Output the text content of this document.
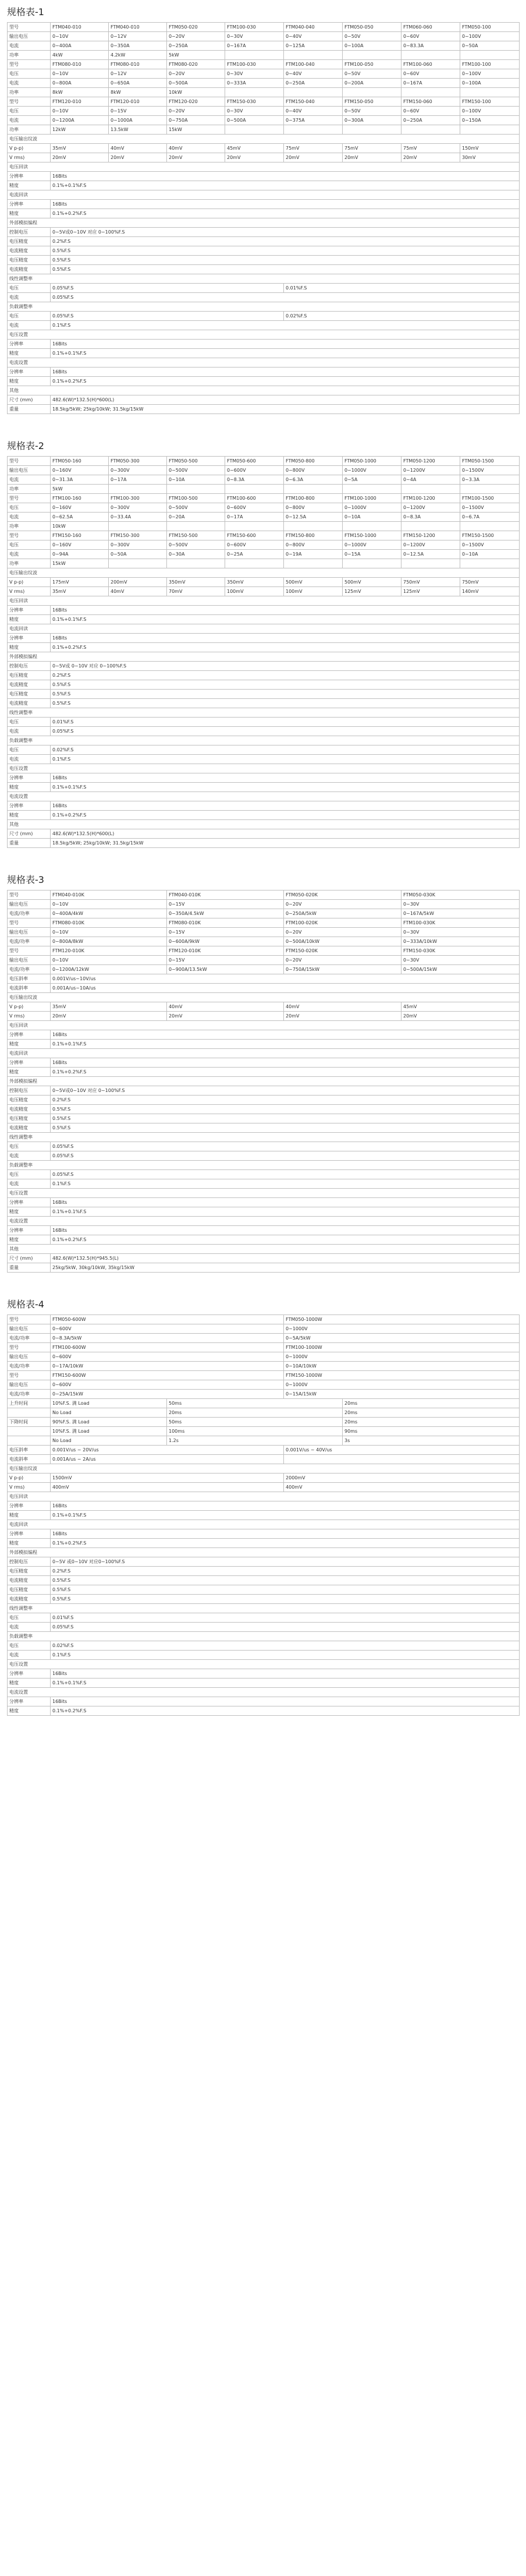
规格表-1
型号	FTM040-010	FTM040-010	FTM050-020	FTM100-030	FTM040-040	FTM050-050	FTM060-060	FTM050-100
输出电压	0~10V	0~12V	0~20V	0~30V	0~40V	0~50V	0~60V	0~100V
电流	0~400A	0~350A	0~250A	0~167A	0~125A	0~100A	0~83.3A	0~50A
功率	4kW	4.2kW	5kW					
型号	FTM080-010	FTM080-010	FTM080-020	FTM100-030	FTM100-040	FTM100-050	FTM100-060	FTM100-100
电压	0~10V	0~12V	0~20V	0~30V	0~40V	0~50V	0~60V	0~100V
电流	0~800A	0~650A	0~500A	0~333A	0~250A	0~200A	0~167A	0~100A
功率	8kW	8kW	10kW					
型号	FTM120-010	FTM120-010	FTM120-020	FTM150-030	FTM150-040	FTM150-050	FTM150-060	FTM150-100
电压	0~10V	0~15V	0~20V	0~30V	0~40V	0~50V	0~60V	0~100V
电流	0~1200A	0~1000A	0~750A	0~500A	0~375A	0~300A	0~250A	0~150A
功率	12kW	13.5kW	15kW					
电压输出纹波								
V p-p)	35mV	40mV	40mV	45mV	75mV	75mV	75mV	150mV
V rms)	20mV	20mV	20mV	20mV	20mV	20mV	20mV	30mV
电压回读								
分辨率	16Bits							
精度	0.1%+0.1%F.S							
电流回读								
分辨率	16Bits							
精度	0.1%+0.2%F.S							
外部模拟编程								
控制电压	0~5V或0~10V 对应 0~100%F.S							
电压精度	0.2%F.S							
电流精度	0.5%F.S							
电压精度	0.5%F.S							
电流精度	0.5%F.S							
线性调整率								
电压	0.05%F.S				0.01%F.S			
电流	0.05%F.S							
负载调整率								
电压	0.05%F.S				0.02%F.S			
电流	0.1%F.S							
电压设置								
分辨率	16Bits							
精度	0.1%+0.1%F.S							
电流设置								
分辨率	16Bits							
精度	0.1%+0.2%F.S							
其他								
尺寸 (mm)	482.6(W)*132.5(H)*600(L)							
重量	18.5kg/5kW; 25kg/10kW; 31.5kg/15kW							
规格表-2
型号	FTM050-160	FTM050-300	FTM050-500	FTM050-600	FTM050-800	FTM050-1000	FTM050-1200	FTM050-1500
输出电压	0~160V	0~300V	0~500V	0~600V	0~800V	0~1000V	0~1200V	0~1500V
电流	0~31.3A	0~17A	0~10A	0~8.3A	0~6.3A	0~5A	0~4A	0~3.3A
功率	5kW							
型号	FTM100-160	FTM100-300	FTM100-500	FTM100-600	FTM100-800	FTM100-1000	FTM100-1200	FTM100-1500
电压	0~160V	0~300V	0~500V	0~600V	0~800V	0~1000V	0~1200V	0~1500V
电流	0~62.5A	0~33.4A	0~20A	0~17A	0~12.5A	0~10A	0~8.3A	0~6.7A
功率	10kW							
型号	FTM150-160	FTM150-300	FTM150-500	FTM150-600	FTM150-800	FTM150-1000	FTM150-1200	FTM150-1500
电压	0~160V	0~300V	0~500V	0~600V	0~800V	0~1000V	0~1200V	0~1500V
电流	0~94A	0~50A	0~30A	0~25A	0~19A	0~15A	0~12.5A	0~10A
功率	15kW							
电压输出纹波								
V p-p)	175mV	200mV	350mV	350mV	500mV	500mV	750mV	750mV
V rms)	35mV	40mV	70mV	100mV	100mV	125mV	125mV	140mV
电压回读								
分辨率	16Bits							
精度	0.1%+0.1%F.S							
电流回读								
分辨率	16Bits							
精度	0.1%+0.2%F.S							
外部模拟编程								
控制电压	0~5V或 0~10V 对应 0~100%F.S							
电压精度	0.2%F.S							
电流精度	0.5%F.S							
电压精度	0.5%F.S							
电流精度	0.5%F.S							
线性调整率								
电压	0.01%F.S							
电流	0.05%F.S							
负载调整率								
电压	0.02%F.S							
电流	0.1%F.S							
电压设置								
分辨率	16Bits							
精度	0.1%+0.1%F.S							
电流设置								
分辨率	16Bits							
精度	0.1%+0.2%F.S							
其他								
尺寸 (mm)	482.6(W)*132.5(H)*600(L)							
重量	18.5kg/5kW; 25kg/10kW; 31.5kg/15kW							
规格表-3
型号	FTM040-010K	FTM040-010K	FTM050-020K	FTM050-030K
输出电压	0~10V	0~15V	0~20V	0~30V
电流/功率	0~400A/4kW	0~350A/4.5kW	0~250A/5kW	0~167A/5kW
型号	FTM080-010K	FTM080-010K	FTM100-020K	FTM100-030K
输出电压	0~10V	0~15V	0~20V	0~30V
电流/功率	0~800A/8kW	0~600A/9kW	0~500A/10kW	0~333A/10kW
型号	FTM120-010K	FTM120-010K	FTM150-020K	FTM150-030K
输出电压	0~10V	0~15V	0~20V	0~30V
电流/功率	0~1200A/12kW	0~900A/13.5kW	0~750A/15kW	0~500A/15kW
电压斜率	0.001V/us~10V/us			
电流斜率	0.001A/us~10A/us			
电压输出纹波				
V p-p)	35mV	40mV	40mV	45mV
V rms)	20mV	20mV	20mV	20mV
电压回读				
分辨率	16Bits			
精度	0.1%+0.1%F.S			
电流回读				
分辨率	16Bits			
精度	0.1%+0.2%F.S			
外部模拟编程				
控制电压	0~5V或0~10V 对应 0~100%F.S			
电压精度	0.2%F.S			
电流精度	0.5%F.S			
电压精度	0.5%F.S			
电流精度	0.5%F.S			
线性调整率				
电压	0.05%F.S			
电流	0.05%F.S			
负载调整率				
电压	0.05%F.S			
电流	0.1%F.S			
电压设置				
分辨率	16Bits			
精度	0.1%+0.1%F.S			
电流设置				
分辨率	16Bits			
精度	0.1%+0.2%F.S			
其他				
尺寸 (mm)	482.6(W)*132.5(H)*945.5(L)			
重量	25kg/5kW, 30kg/10kW, 35kg/15kW			
规格表-4
型号	FTM050-600W		FTM050-1000W	
输出电压	0~600V		0~1000V	
电流/功率	0~8.3A/5kW		0~5A/5kW	
型号	FTM100-600W		FTM100-1000W	
输出电压	0~600V		0~1000V	
电流/功率	0~17A/10kW		0~10A/10kW	
型号	FTM150-600W		FTM150-1000W	
输出电压	0~600V		0~1000V	
电流/功率	0~25A/15kW		0~15A/15kW	
上升时间	10%F.S. 满 Load	50ms		20ms
	No Load	20ms		20ms
下降时间	90%F.S. 满 Load	50ms		20ms
	10%F.S. 满 Load	100ms		90ms
	No Load	1.2s		3s
电压斜率	0.001V/us ~ 20V/us		0.001V/us ~ 40V/us	
电流斜率	0.001A/us ~ 2A/us			
电压输出纹波				
V p-p)	1500mV		2000mV	
V rms)	400mV		400mV	
电压回读				
分辨率	16Bits			
精度	0.1%+0.1%F.S			
电流回读				
分辨率	16Bits			
精度	0.1%+0.2%F.S			
外部模拟编程				
控制电压	0~5V 或0~10V 对应0~100%F.S			
电压精度	0.2%F.S			
电流精度	0.5%F.S			
电压精度	0.5%F.S			
电流精度	0.5%F.S			
线性调整率				
电压	0.01%F.S			
电流	0.05%F.S			
负载调整率				
电压	0.02%F.S			
电流	0.1%F.S			
电压设置				
分辨率	16Bits			
精度	0.1%+0.1%F.S			
电流设置				
分辨率	16Bits			
精度	0.1%+0.2%F.S			
